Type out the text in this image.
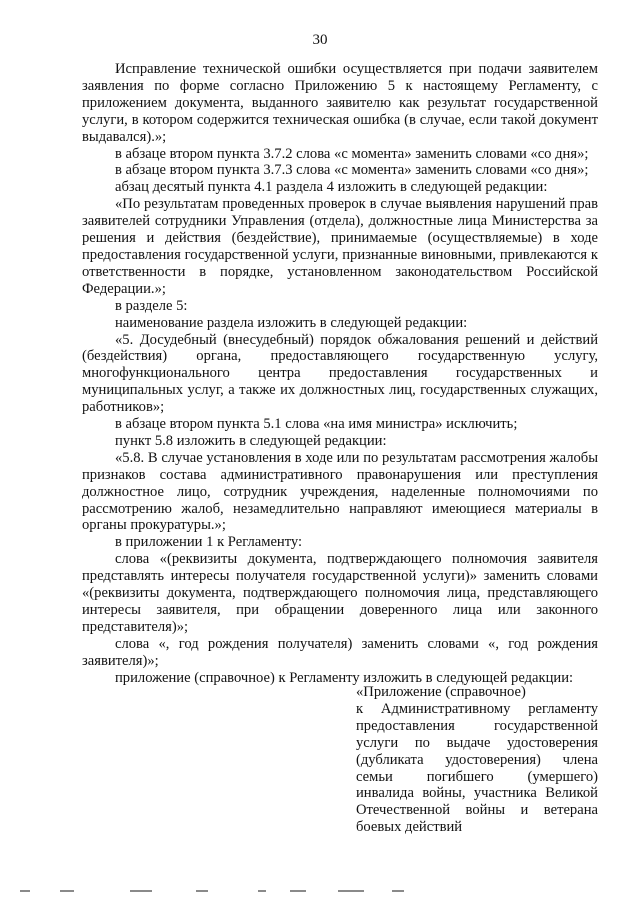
30

Исправление технической ошибки осуществляется при подачи заявителем заявления по форме согласно Приложению 5 к настоящему Регламенту, с приложением документа, выданного заявителю как результат государственной услуги, в котором содержится техническая ошибка (в случае, если такой документ выдавался).»;

в абзаце втором пункта 3.7.2 слова «с момента» заменить словами «со дня»;

в абзаце втором пункта 3.7.3 слова «с момента» заменить словами «со дня»;

абзац десятый пункта 4.1 раздела 4 изложить в следующей редакции:

«По результатам проведенных проверок в случае выявления нарушений прав заявителей сотрудники Управления (отдела), должностные лица Министерства за решения и действия (бездействие), принимаемые (осуществляемые) в ходе предоставления государственной услуги, признанные виновными, привлекаются к ответственности в порядке, установленном законодательством Российской Федерации.»;

в разделе 5:

наименование раздела изложить в следующей редакции:

«5. Досудебный (внесудебный) порядок обжалования решений и действий (бездействия) органа, предоставляющего государственную услугу, многофункционального центра предоставления государственных и муниципальных услуг, а также их должностных лиц, государственных служащих, работников»;

в абзаце втором пункта 5.1 слова «на имя министра» исключить;

пункт 5.8 изложить в следующей редакции:

«5.8. В случае установления в ходе или по результатам рассмотрения жалобы признаков состава административного правонарушения или преступления должностное лицо, сотрудник учреждения, наделенные полномочиями по рассмотрению жалоб, незамедлительно направляют имеющиеся материалы в органы прокуратуры.»;

в приложении 1 к Регламенту:

слова «(реквизиты документа, подтверждающего полномочия заявителя представлять интересы получателя государственной услуги)» заменить словами «(реквизиты документа, подтверждающего полномочия лица, представляющего интересы заявителя, при обращении доверенного лица или законного представителя)»;

слова «, год рождения получателя) заменить словами «, год рождения заявителя)»;

приложение (справочное) к Регламенту изложить в следующей редакции:

«Приложение (справочное)

к Административному регламенту предоставления государственной услуги по выдаче удостоверения (дубликата удостоверения) члена семьи погибшего (умершего) инвалида войны, участника Великой Отечественной войны и ветерана боевых действий
